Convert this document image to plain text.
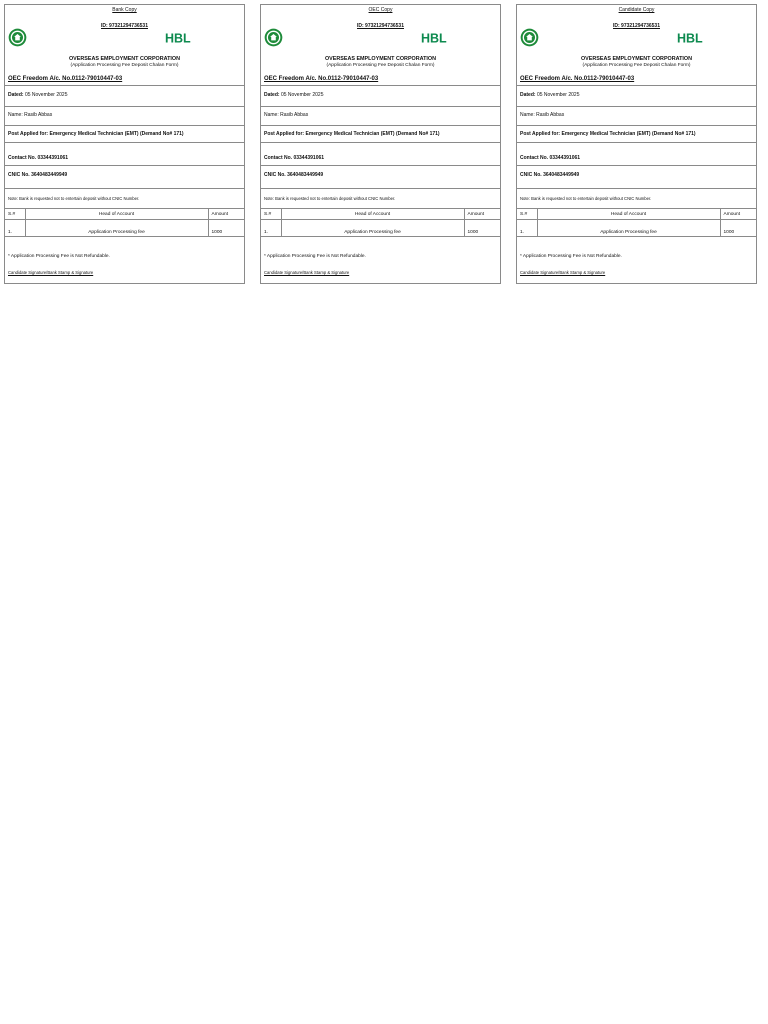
Bank Copy
ID: 97321294736531
HBL
OVERSEAS EMPLOYMENT CORPORATION
(Application Processing Fee Deposit Chalan Form)
OEC Freedom A/c. No.0112-79010447-03
Dated: 05 November 2025
Name: Rasib Abbas
Post Applied for: Emergency Medical Technician (EMT) (Demand No# 171)
Contact No. 03344391061
CNIC No. 3640483449949
Note: Bank is requested not to entertain deposit without CNIC Number.
S.#	Head of Account	Amount
1.	Application Processing fee	1000
* Application Processing Fee is Not Refundable.
Candidate Signature/Bank Stamp & Signature
OEC Copy
ID: 97321294736531
HBL
OVERSEAS EMPLOYMENT CORPORATION
(Application Processing Fee Deposit Chalan Form)
OEC Freedom A/c. No.0112-79010447-03
Dated: 05 November 2025
Name: Rasib Abbas
Post Applied for: Emergency Medical Technician (EMT) (Demand No# 171)
Contact No. 03344391061
CNIC No. 3640483449949
Note: Bank is requested not to entertain deposit without CNIC Number.
S.#	Head of Account	Amount
1.	Application Processing fee	1000
* Application Processing Fee is Not Refundable.
Candidate Signature/Bank Stamp & Signature
Candidate Copy
ID: 97321294736531
HBL
OVERSEAS EMPLOYMENT CORPORATION
(Application Processing Fee Deposit Chalan Form)
OEC Freedom A/c. No.0112-79010447-03
Dated: 05 November 2025
Name: Rasib Abbas
Post Applied for: Emergency Medical Technician (EMT) (Demand No# 171)
Contact No. 03344391061
CNIC No. 3640483449949
Note: Bank is requested not to entertain deposit without CNIC Number.
S.#	Head of Account	Amount
1.	Application Processing fee	1000
* Application Processing Fee is Not Refundable.
Candidate Signature/Bank Stamp & Signature
